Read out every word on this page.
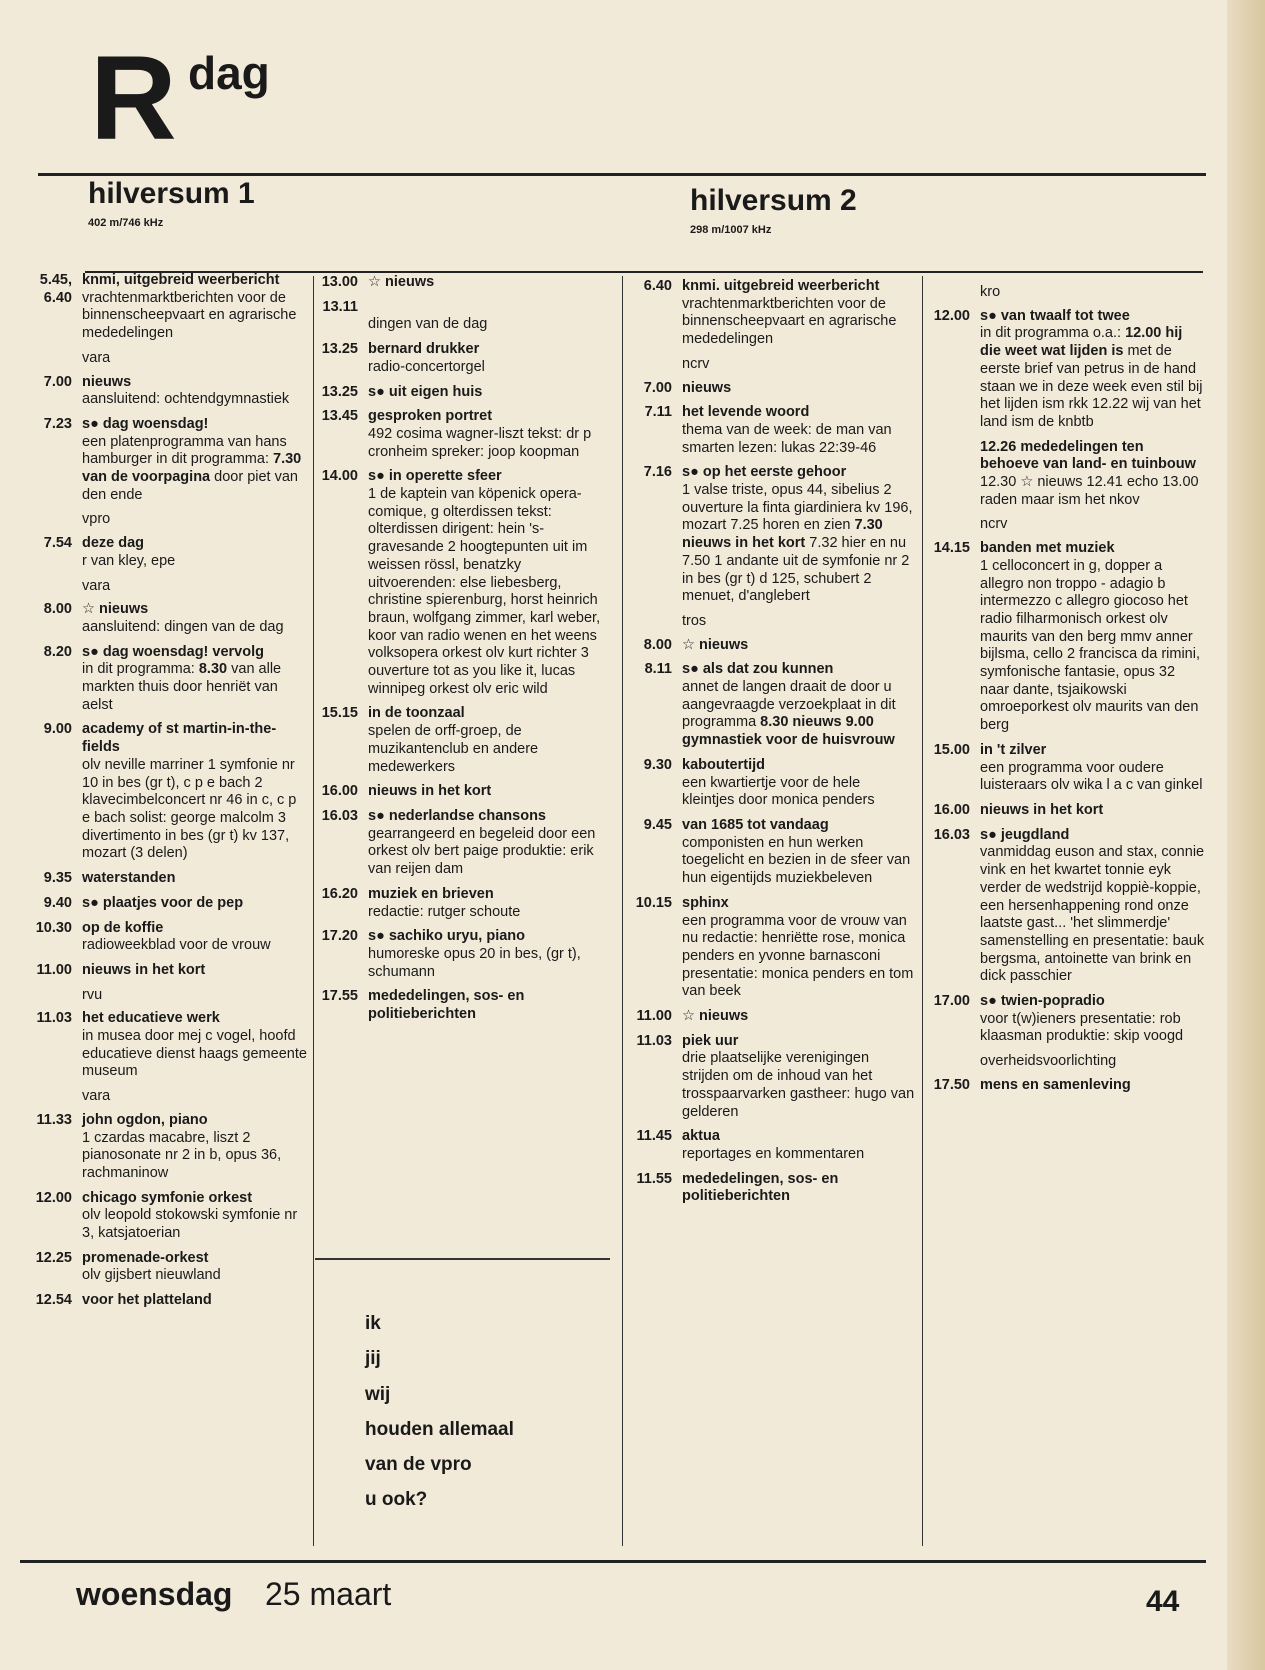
R dag
hilversum 1
402 m/746 kHz
hilversum 2
298 m/1007 kHz
5.45, 6.40
knmi, uitgebreid weerbericht
vrachtenmarktberichten voor de binnenscheepvaart en agrarische mededelingen
vara
7.00 nieuws
aansluitend: ochtendgymnastiek
7.23 s● dag woensdag!
een platenprogramma van hans hamburger in dit programma: 7.30 van de voorpagina door piet van den ende
vpro
7.54 deze dag
r van kley, epe
vara
8.00 ☆ nieuws
aansluitend: dingen van de dag
8.20 s● dag woensdag! vervolg
in dit programma: 8.30 van alle markten thuis door henriët van aelst
9.00 academy of st martin-in-the-fields
olv neville marriner 1 symfonie nr 10 in bes (gr t), c p e bach 2 klavecimbelconcert nr 46 in c, c p e bach solist: george malcolm 3 divertimento in bes (gr t) kv 137, mozart (3 delen)
9.35 waterstanden

9.40 s● plaatjes voor de pep

10.30 op de koffie
radioweekblad voor de vrouw
11.00 nieuws in het kort

rvu
11.03 het educatieve werk
in musea door mej c vogel, hoofd educatieve dienst haags gemeente museum
vara
11.33 john ogdon, piano
1 czardas macabre, liszt 2 pianosonate nr 2 in b, opus 36, rachmaninow
12.00 chicago symfonie orkest
olv leopold stokowski symfonie nr 3, katsjatoerian
12.25 promenade-orkest
olv gijsbert nieuwland
12.54 voor het platteland

13.00 ☆ nieuws

13.11

dingen van de dag
13.25 bernard drukker
radio-concertorgel
13.25 s● uit eigen huis

13.45 gesproken portret
492 cosima wagner-liszt tekst: dr p cronheim spreker: joop koopman
14.00 s● in operette sfeer
1 de kaptein van köpenick opera-comique, g olterdissen tekst: olterdissen dirigent: hein 's-gravesande 2 hoogtepunten uit im weissen rössl, benatzky uitvoerenden: else liebesberg, christine spierenburg, horst heinrich braun, wolfgang zimmer, karl weber, koor van radio wenen en het weens volksopera orkest olv kurt richter 3 ouverture tot as you like it, lucas winnipeg orkest olv eric wild
15.15 in de toonzaal
spelen de orff-groep, de muzikantenclub en andere medewerkers
16.00 nieuws in het kort

16.03 s● nederlandse chansons
gearrangeerd en begeleid door een orkest olv bert paige produktie: erik van reijen dam
16.20 muziek en brieven
redactie: rutger schoute
17.20 s● sachiko uryu, piano
humoreske opus 20 in bes, (gr t), schumann
17.55 mededelingen, sos- en politieberichten

6.40 knmi. uitgebreid weerbericht
vrachtenmarktberichten voor de binnenscheepvaart en agrarische mededelingen
ncrv
7.00 nieuws

7.11 het levende woord
thema van de week: de man van smarten lezen: lukas 22:39-46
7.16 s● op het eerste gehoor
1 valse triste, opus 44, sibelius 2 ouverture la finta giardiniera kv 196, mozart 7.25 horen en zien 7.30 nieuws in het kort 7.32 hier en nu 7.50 1 andante uit de symfonie nr 2 in bes (gr t) d 125, schubert 2 menuet, d'anglebert
tros
8.00 ☆ nieuws

8.11 s● als dat zou kunnen
annet de langen draait de door u aangevraagde verzoekplaat in dit programma 8.30 nieuws 9.00 gymnastiek voor de huisvrouw
9.30 kaboutertijd
een kwartiertje voor de hele kleintjes door monica penders
9.45 van 1685 tot vandaag
componisten en hun werken toegelicht en bezien in de sfeer van hun eigentijds muziekbeleven
10.15 sphinx
een programma voor de vrouw van nu redactie: henriëtte rose, monica penders en yvonne barnasconi presentatie: monica penders en tom van beek
11.00 ☆ nieuws

11.03 piek uur
drie plaatselijke verenigingen strijden om de inhoud van het trosspaarvarken gastheer: hugo van gelderen
11.45 aktua
reportages en kommentaren
11.55 mededelingen, sos- en politieberichten

kro
12.00 s● van twaalf tot twee
in dit programma o.a.: 12.00 hij die weet wat lijden is met de eerste brief van petrus in de hand staan we in deze week even stil bij het lijden ism rkk 12.22 wij van het land ism de knbtb
12.26 mededelingen ten behoeve van land- en tuinbouw
12.30 ☆ nieuws 12.41 echo 13.00 raden maar ism het nkov
ncrv
14.15 banden met muziek
1 celloconcert in g, dopper a allegro non troppo - adagio b intermezzo c allegro giocoso het radio filharmonisch orkest olv maurits van den berg mmv anner bijlsma, cello 2 francisca da rimini, symfonische fantasie, opus 32 naar dante, tsjaikowski omroeporkest olv maurits van den berg
15.00 in 't zilver
een programma voor oudere luisteraars olv wika l a c van ginkel
16.00 nieuws in het kort

16.03 s● jeugdland
vanmiddag euson and stax, connie vink en het kwartet tonnie eyk verder de wedstrijd koppiè-koppie, een hersenhappening rond onze laatste gast... 'het slimmerdje' samenstelling en presentatie: bauk bergsma, antoinette van brink en dick passchier
17.00 s● twien-popradio
voor t(w)ieners presentatie: rob klaasman produktie: skip voogd
overheidsvoorlichting
17.50 mens en samenleving

ik
jij
wij
houden allemaal
van de vpro
u ook?
woensdag 25 maart	44
